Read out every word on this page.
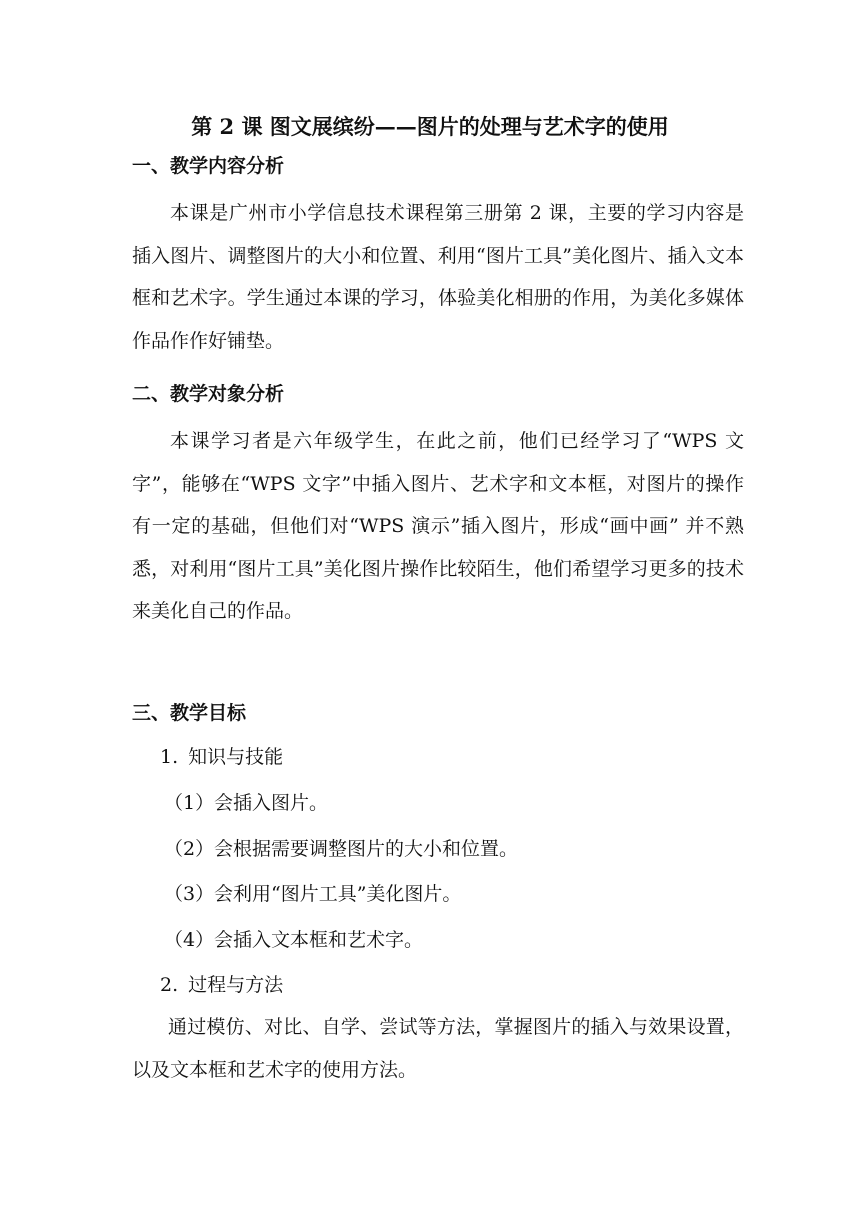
第 2 课 图文展缤纷——图片的处理与艺术字的使用
一、教学内容分析
本课是广州市小学信息技术课程第三册第 2 课，主要的学习内容是插入图片、调整图片的大小和位置、利用“图片工具”美化图片、插入文本框和艺术字。学生通过本课的学习，体验美化相册的作用，为美化多媒体作品作作好铺垫。
二、教学对象分析
本课学习者是六年级学生，在此之前，他们已经学习了“WPS 文字”，能够在“WPS 文字”中插入图片、艺术字和文本框，对图片的操作有一定的基础，但他们对“WPS 演示”插入图片，形成“画中画” 并不熟悉，对利用“图片工具”美化图片操作比较陌生，他们希望学习更多的技术来美化自己的作品。
三、教学目标
1. 知识与技能
（1）会插入图片。
（2）会根据需要调整图片的大小和位置。
（3）会利用“图片工具”美化图片。
（4）会插入文本框和艺术字。
2. 过程与方法
通过模仿、对比、自学、尝试等方法，掌握图片的插入与效果设置，以及文本框和艺术字的使用方法。
